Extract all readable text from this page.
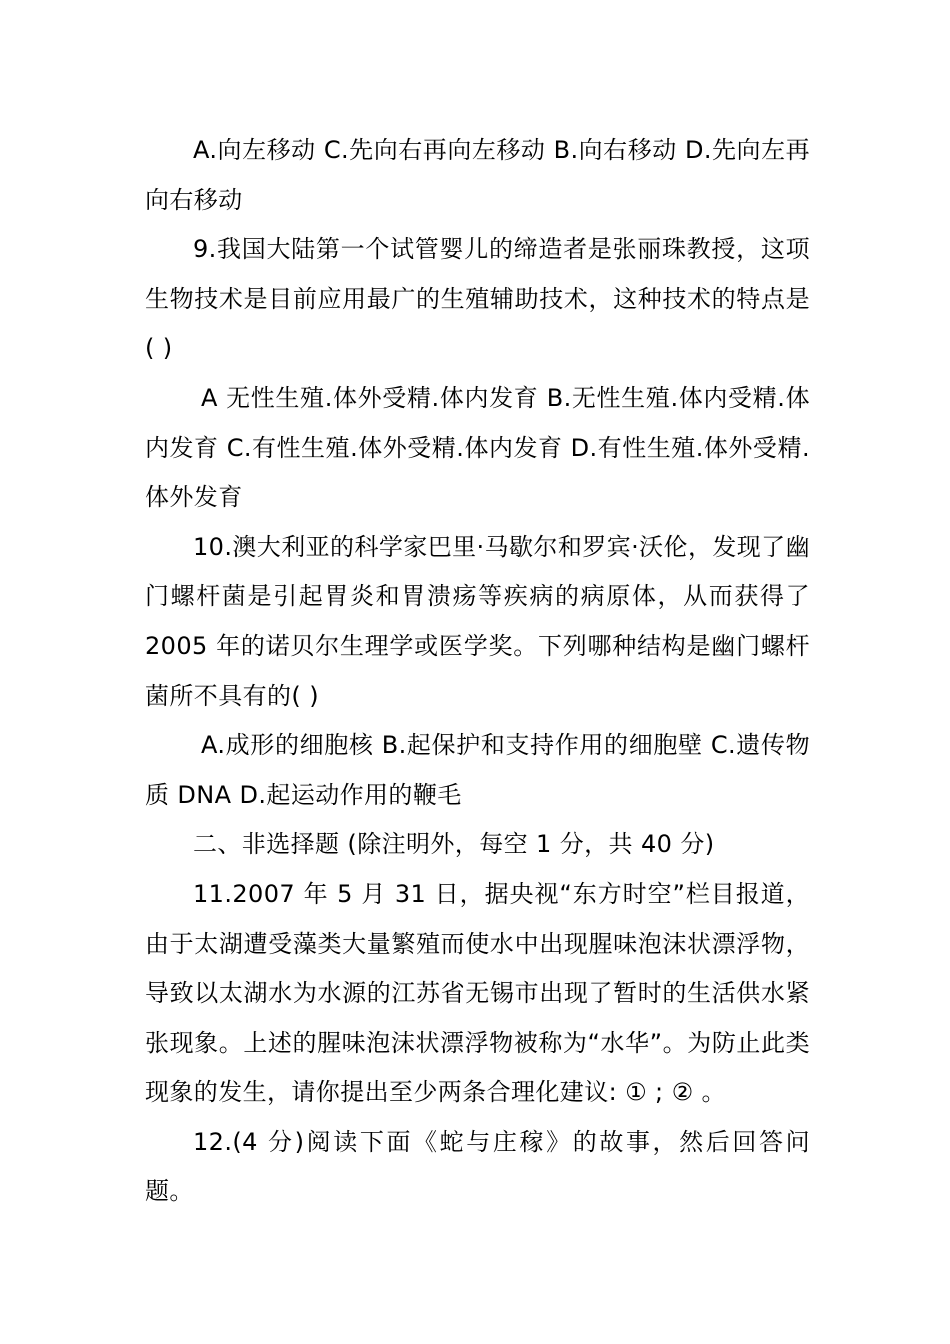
A.向左移动 C.先向右再向左移动 B.向右移动 D.先向左再向右移动

9.我国大陆第一个试管婴儿的缔造者是张丽珠教授，这项生物技术是目前应用最广的生殖辅助技术，这种技术的特点是( )

A 无性生殖.体外受精.体内发育 B.无性生殖.体内受精.体内发育 C.有性生殖.体外受精.体内发育 D.有性生殖.体外受精.体外发育

10.澳大利亚的科学家巴里·马歇尔和罗宾·沃伦，发现了幽门螺杆菌是引起胃炎和胃溃疡等疾病的病原体，从而获得了 2005 年的诺贝尔生理学或医学奖。下列哪种结构是幽门螺杆菌所不具有的( )

A.成形的细胞核 B.起保护和支持作用的细胞壁 C.遗传物质 DNA D.起运动作用的鞭毛

二、非选择题 (除注明外，每空 1 分，共 40 分)

11.2007 年 5 月 31 日，据央视“东方时空”栏目报道，由于太湖遭受藻类大量繁殖而使水中出现腥味泡沫状漂浮物，导致以太湖水为水源的江苏省无锡市出现了暂时的生活供水紧张现象。上述的腥味泡沫状漂浮物被称为“水华”。为防止此类现象的发生，请你提出至少两条合理化建议: ① ; ② 。

12.(4 分)阅读下面《蛇与庄稼》的故事，然后回答问题。
